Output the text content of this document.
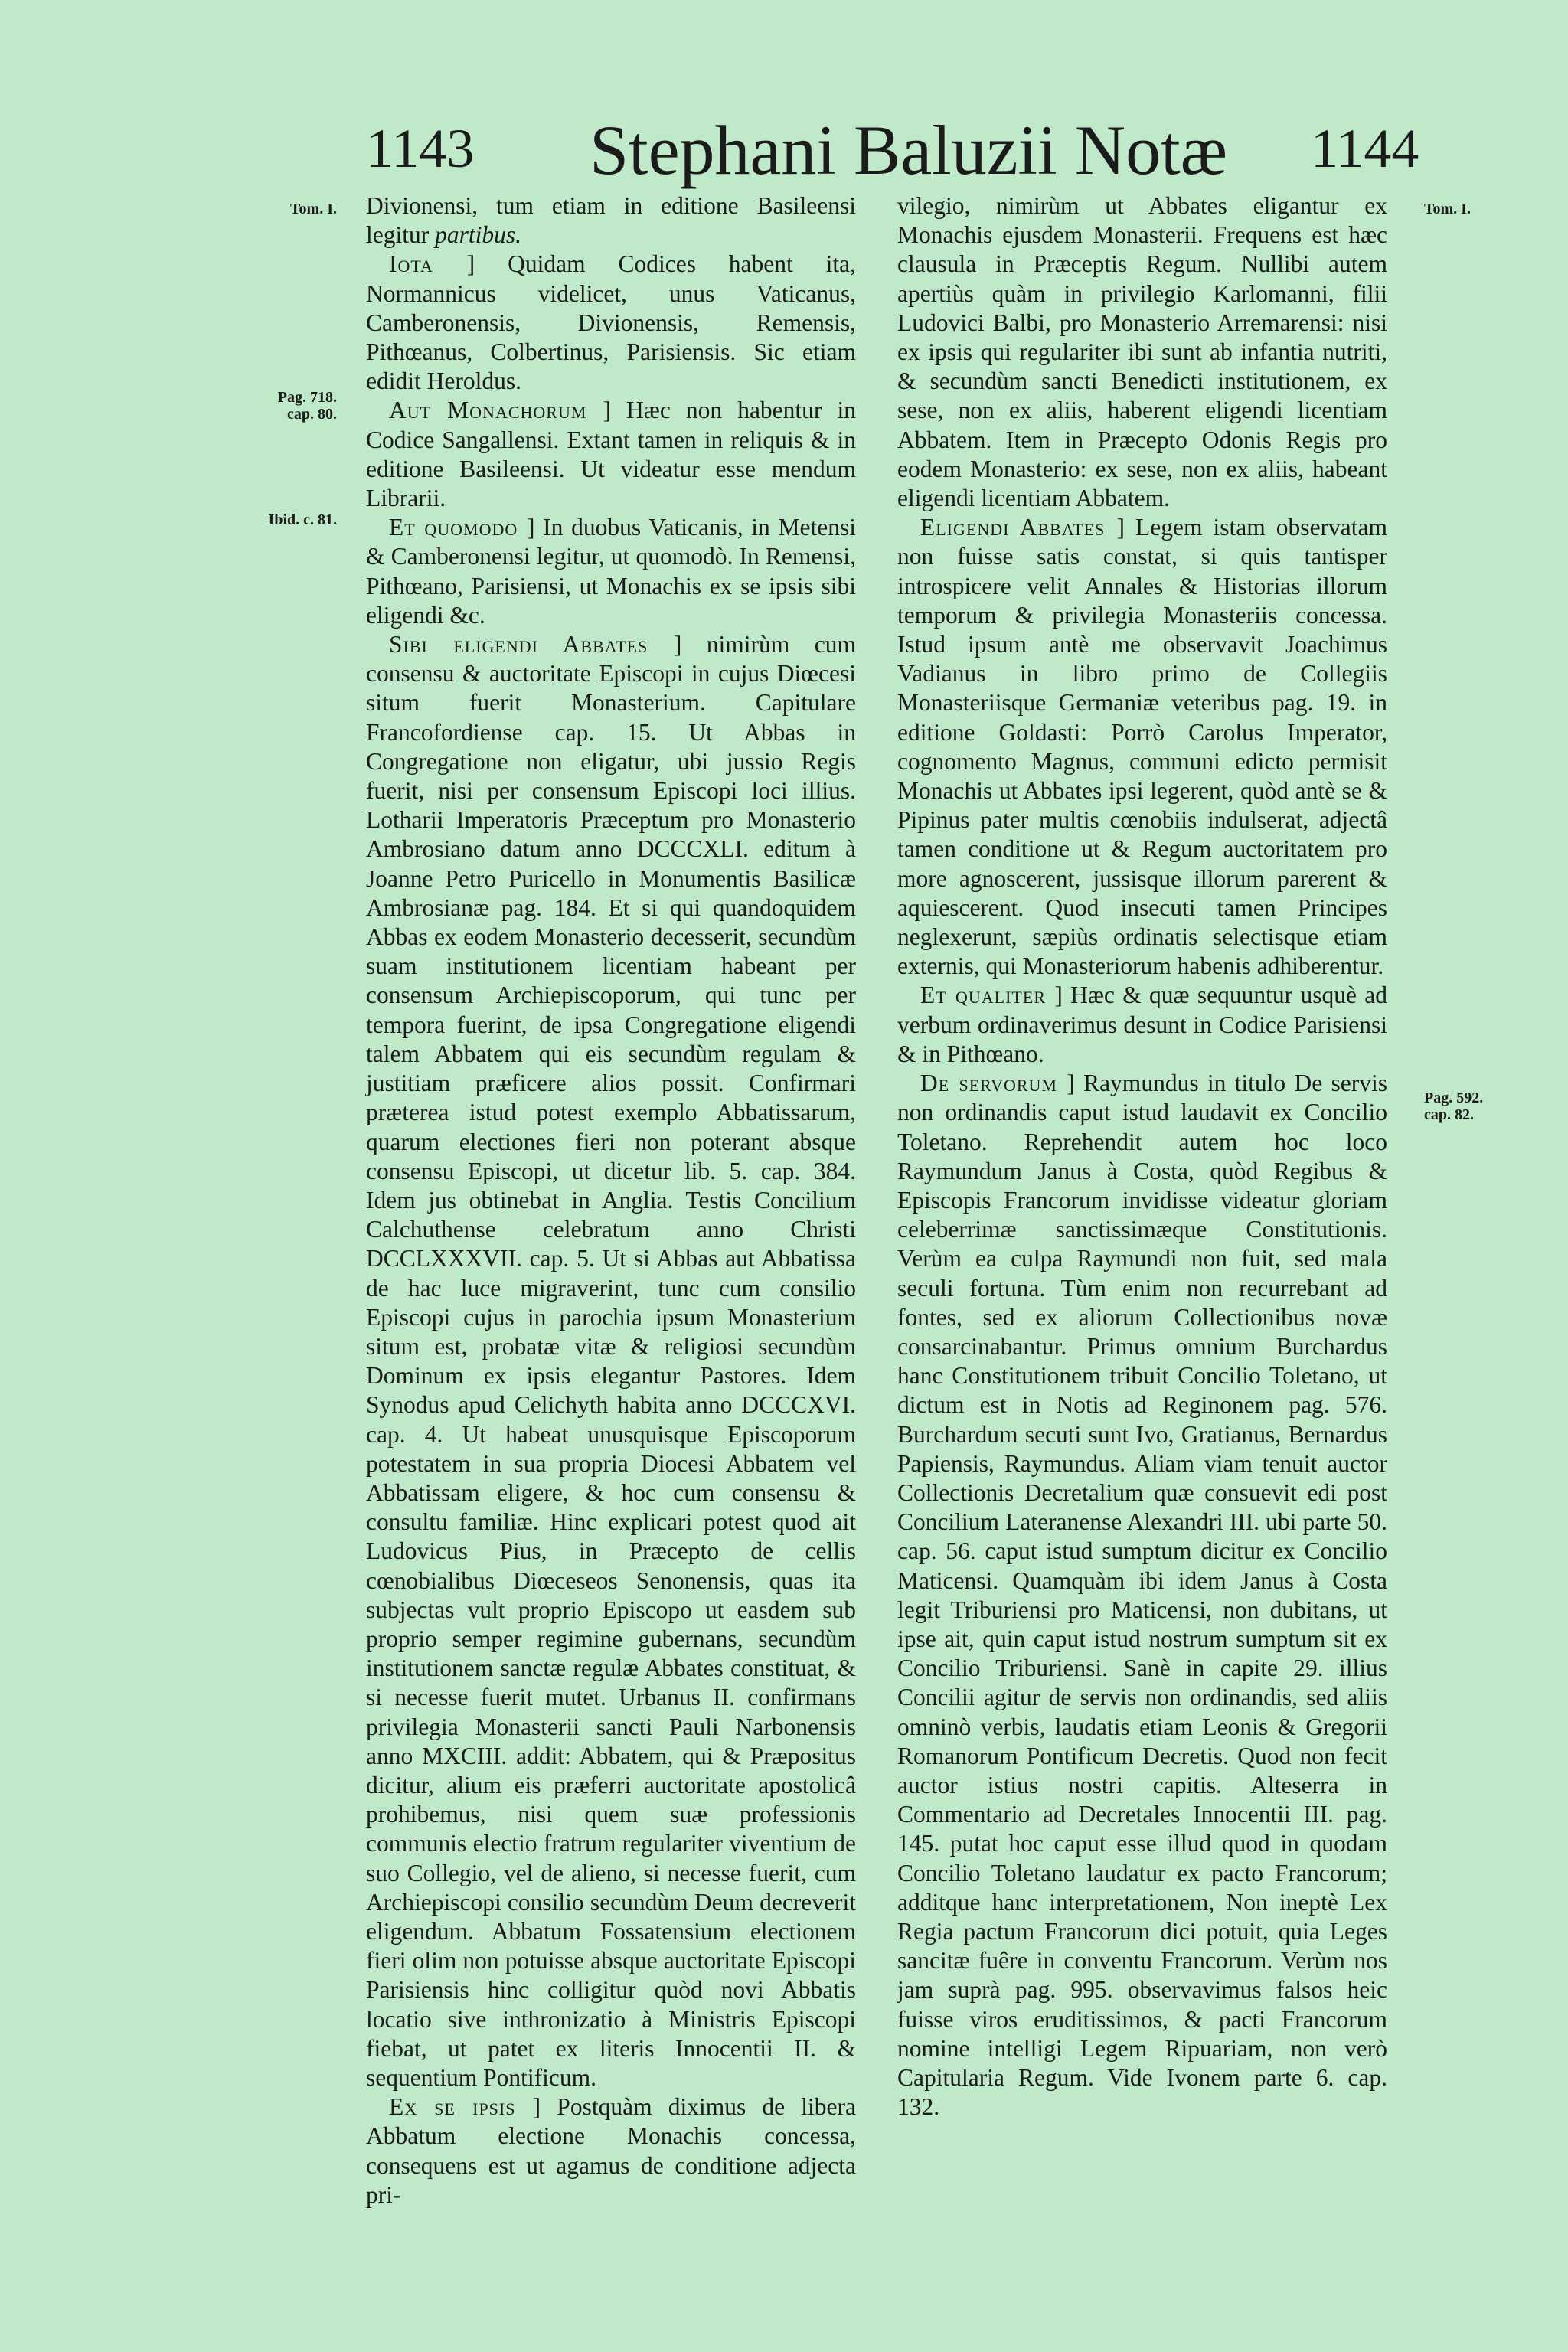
1143 Stephani Baluzii Notæ 1144
Tom. I.
Pag. 718. cap. 80.
Ibid. c. 81.
Tom. I.
Pag. 592. cap. 82.

Divionensi, tum etiam in editione Basileensi legitur partibus.

Iota ] Quidam Codices habent ita, Normannicus videlicet, unus Vaticanus, Camberonensis, Divionensis, Remensis, Pithœanus, Colbertinus, Parisiensis. Sic etiam edidit Heroldus.

Aut Monachorum ] Hæc non habentur in Codice Sangallensi. Extant tamen in reliquis & in editione Basileensi. Ut videatur esse mendum Librarii.

Et quomodo ] In duobus Vaticanis, in Metensi & Camberonensi legitur, ut quomodò. In Remensi, Pithœano, Parisiensi, ut Monachis ex se ipsis sibi eligendi &c.

Sibi eligendi Abbates ] nimirùm cum consensu & auctoritate Episcopi in cujus Diœcesi situm fuerit Monasterium. Capitulare Francofordiense cap. 15. Ut Abbas in Congregatione non eligatur, ubi jussio Regis fuerit, nisi per consensum Episcopi loci illius. Lotharii Imperatoris Præceptum pro Monasterio Ambrosiano datum anno DCCCXLI. editum à Joanne Petro Puricello in Monumentis Basilicæ Ambrosianæ pag. 184. Et si qui quandoquidem Abbas ex eodem Monasterio decesserit, secundùm suam institutionem licentiam habeant per consensum Archiepiscoporum, qui tunc per tempora fuerint, de ipsa Congregatione eligendi talem Abbatem qui eis secundùm regulam & justitiam præficere alios possit. Confirmari præterea istud potest exemplo Abbatissarum, quarum electiones fieri non poterant absque consensu Episcopi, ut dicetur lib. 5. cap. 384. Idem jus obtinebat in Anglia. Testis Concilium Calchuthense celebratum anno Christi DCCLXXXVII. cap. 5. Ut si Abbas aut Abbatissa de hac luce migraverint, tunc cum consilio Episcopi cujus in parochia ipsum Monasterium situm est, probatæ vitæ & religiosi secundùm Dominum ex ipsis elegantur Pastores. Idem Synodus apud Celichyth habita anno DCCCXVI. cap. 4. Ut habeat unusquisque Episcoporum potestatem in sua propria Diocesi Abbatem vel Abbatissam eligere, & hoc cum consensu & consultu familiæ. Hinc explicari potest quod ait Ludovicus Pius, in Præcepto de cellis cœnobialibus Diœceseos Senonensis, quas ita subjectas vult proprio Episcopo ut easdem sub proprio semper regimine gubernans, secundùm institutionem sanctæ regulæ Abbates constituat, & si necesse fuerit mutet. Urbanus II. confirmans privilegia Monasterii sancti Pauli Narbonensis anno MXCIII. addit: Abbatem, qui & Præpositus dicitur, alium eis præferri auctoritate apostolicâ prohibemus, nisi quem suæ professionis communis electio fratrum regulariter viventium de suo Collegio, vel de alieno, si necesse fuerit, cum Archiepiscopi consilio secundùm Deum decreverit eligendum. Abbatum Fossatensium electionem fieri olim non potuisse absque auctoritate Episcopi Parisiensis hinc colligitur quòd novi Abbatis locatio sive inthronizatio à Ministris Episcopi fiebat, ut patet ex literis Innocentii II. & sequentium Pontificum.

Ex se ipsis ] Postquàm diximus de libera Abbatum electione Monachis concessa, consequens est ut agamus de conditione adjecta pri-

vilegio, nimirùm ut Abbates eligantur ex Monachis ejusdem Monasterii. Frequens est hæc clausula in Præceptis Regum. Nullibi autem apertiùs quàm in privilegio Karlomanni, filii Ludovici Balbi, pro Monasterio Arremarensi: nisi ex ipsis qui regulariter ibi sunt ab infantia nutriti, & secundùm sancti Benedicti institutionem, ex sese, non ex aliis, haberent eligendi licentiam Abbatem. Item in Præcepto Odonis Regis pro eodem Monasterio: ex sese, non ex aliis, habeant eligendi licentiam Abbatem.

Eligendi Abbates ] Legem istam observatam non fuisse satis constat, si quis tantisper introspicere velit Annales & Historias illorum temporum & privilegia Monasteriis concessa. Istud ipsum antè me observavit Joachimus Vadianus in libro primo de Collegiis Monasteriisque Germaniæ veteribus pag. 19. in editione Goldasti: Porrò Carolus Imperator, cognomento Magnus, communi edicto permisit Monachis ut Abbates ipsi legerent, quòd antè se & Pipinus pater multis cœnobiis indulserat, adjectâ tamen conditione ut & Regum auctoritatem pro more agnoscerent, jussisque illorum parerent & aquiescerent. Quod insecuti tamen Principes neglexerunt, sæpiùs ordinatis selectisque etiam externis, qui Monasteriorum habenis adhiberentur.

Et qualiter ] Hæc & quæ sequuntur usquè ad verbum ordinaverimus desunt in Codice Parisiensi & in Pithœano.

De servorum ] Raymundus in titulo De servis non ordinandis caput istud laudavit ex Concilio Toletano. Reprehendit autem hoc loco Raymundum Janus à Costa, quòd Regibus & Episcopis Francorum invidisse videatur gloriam celeberrimæ sanctissimæque Constitutionis. Verùm ea culpa Raymundi non fuit, sed mala seculi fortuna. Tùm enim non recurrebant ad fontes, sed ex aliorum Collectionibus novæ consarcinabantur. Primus omnium Burchardus hanc Constitutionem tribuit Concilio Toletano, ut dictum est in Notis ad Reginonem pag. 576. Burchardum secuti sunt Ivo, Gratianus, Bernardus Papiensis, Raymundus. Aliam viam tenuit auctor Collectionis Decretalium quæ consuevit edi post Concilium Lateranense Alexandri III. ubi parte 50. cap. 56. caput istud sumptum dicitur ex Concilio Maticensi. Quamquàm ibi idem Janus à Costa legit Triburiensi pro Maticensi, non dubitans, ut ipse ait, quin caput istud nostrum sumptum sit ex Concilio Triburiensi. Sanè in capite 29. illius Concilii agitur de servis non ordinandis, sed aliis omninò verbis, laudatis etiam Leonis & Gregorii Romanorum Pontificum Decretis. Quod non fecit auctor istius nostri capitis. Alteserra in Commentario ad Decretales Innocentii III. pag. 145. putat hoc caput esse illud quod in quodam Concilio Toletano laudatur ex pacto Francorum; additque hanc interpretationem, Non ineptè Lex Regia pactum Francorum dici potuit, quia Leges sancitæ fuêre in conventu Francorum. Verùm nos jam suprà pag. 995. observavimus falsos heic fuisse viros eruditissimos, & pacti Francorum nomine intelligi Legem Ripuariam, non verò Capitularia Regum. Vide Ivonem parte 6. cap. 132.
